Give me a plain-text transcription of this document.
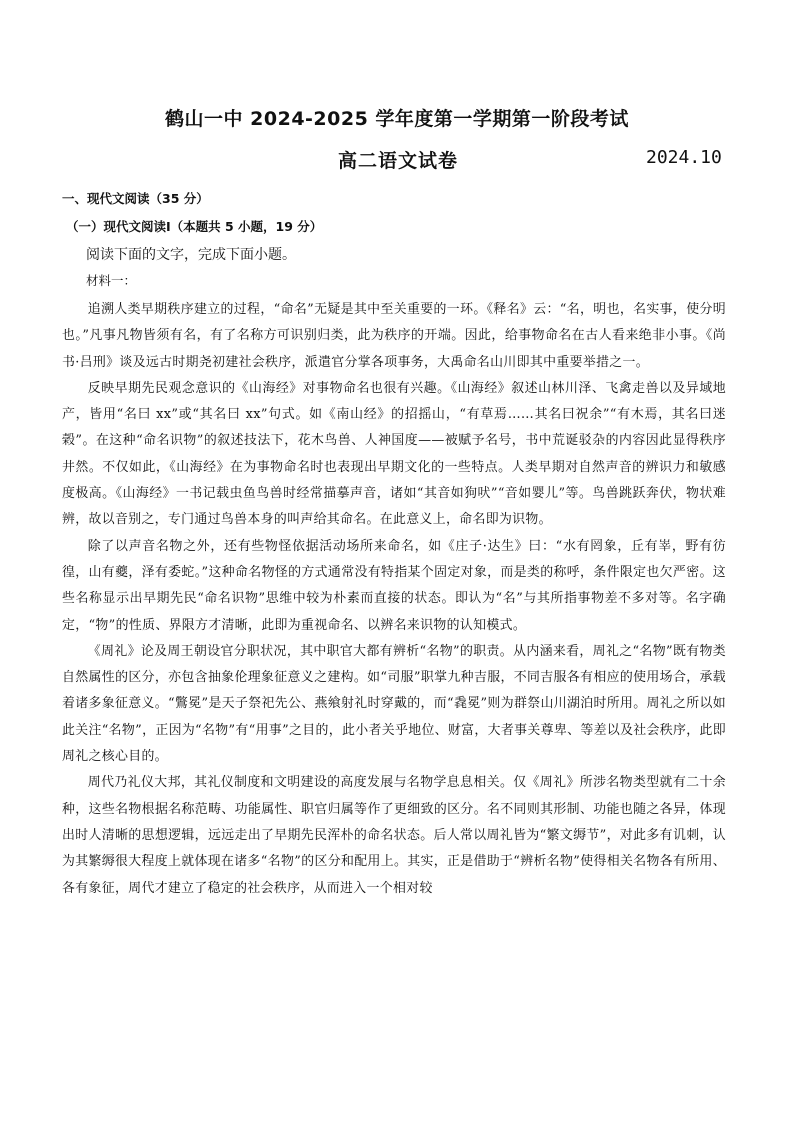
鹤山一中 2024-2025 学年度第一学期第一阶段考试
高二语文试卷	2024.10
一、现代文阅读（35 分）
（一）现代文阅读Ⅰ（本题共 5 小题，19 分）
阅读下面的文字，完成下面小题。
材料一：

追溯人类早期秩序建立的过程，“命名”无疑是其中至关重要的一环。《释名》云：“名，明也，名实事，使分明也。”凡事凡物皆须有名，有了名称方可识别归类，此为秩序的开端。因此，给事物命名在古人看来绝非小事。《尚书·吕刑》谈及远古时期尧初建社会秩序，派遣官分掌各项事务，大禹命名山川即其中重要举措之一。

反映早期先民观念意识的《山海经》对事物命名也很有兴趣。《山海经》叙述山林川泽、飞禽走兽以及异域地产，皆用“名曰 xx”或“其名曰 xx”句式。如《南山经》的招摇山，“有草焉……其名曰祝余”“有木焉，其名曰迷榖”。在这种“命名识物”的叙述技法下，花木鸟兽、人神国度——被赋予名号，书中荒诞驳杂的内容因此显得秩序井然。不仅如此，《山海经》在为事物命名时也表现出早期文化的一些特点。人类早期对自然声音的辨识力和敏感度极高。《山海经》一书记载虫鱼鸟兽时经常描摹声音，诸如“其音如狗吠”“音如婴儿”等。鸟兽跳跃奔伏，物状难辨，故以音别之，专门通过鸟兽本身的叫声给其命名。在此意义上，命名即为识物。

除了以声音名物之外，还有些物怪依据活动场所来命名，如《庄子·达生》曰：“水有罔象，丘有峷，野有彷徨，山有夔，泽有委蛇。”这种命名物怪的方式通常没有特指某个固定对象，而是类的称呼，条件限定也欠严密。这些名称显示出早期先民“命名识物”思维中较为朴素而直接的状态。即认为“名”与其所指事物差不多对等。名字确定，“物”的性质、界限方才清晰，此即为重视命名、以辨名来识物的认知模式。

《周礼》论及周王朝设官分职状况，其中职官大都有辨析“名物”的职责。从内涵来看，周礼之“名物”既有物类自然属性的区分，亦包含抽象伦理象征意义之建构。如“司服”职掌九种吉服，不同吉服各有相应的使用场合，承载着诸多象征意义。“鷩冕”是天子祭祀先公、燕飨射礼时穿戴的，而“毳冕”则为群祭山川湖泊时所用。周礼之所以如此关注“名物”，正因为“名物”有“用事”之目的，此小者关乎地位、财富，大者事关尊卑、等差以及社会秩序，此即周礼之核心目的。

周代乃礼仪大邦，其礼仪制度和文明建设的高度发展与名物学息息相关。仅《周礼》所涉名物类型就有二十余种，这些名物根据名称范畴、功能属性、职官归属等作了更细致的区分。名不同则其形制、功能也随之各异，体现出时人清晰的思想逻辑，远远走出了早期先民浑朴的命名状态。后人常以周礼皆为“繁文缛节”，对此多有讥刺，认为其繁缛很大程度上就体现在诸多“名物”的区分和配用上。其实，正是借助于“辨析名物”使得相关名物各有所用、各有象征，周代才建立了稳定的社会秩序，从而进入一个相对较
